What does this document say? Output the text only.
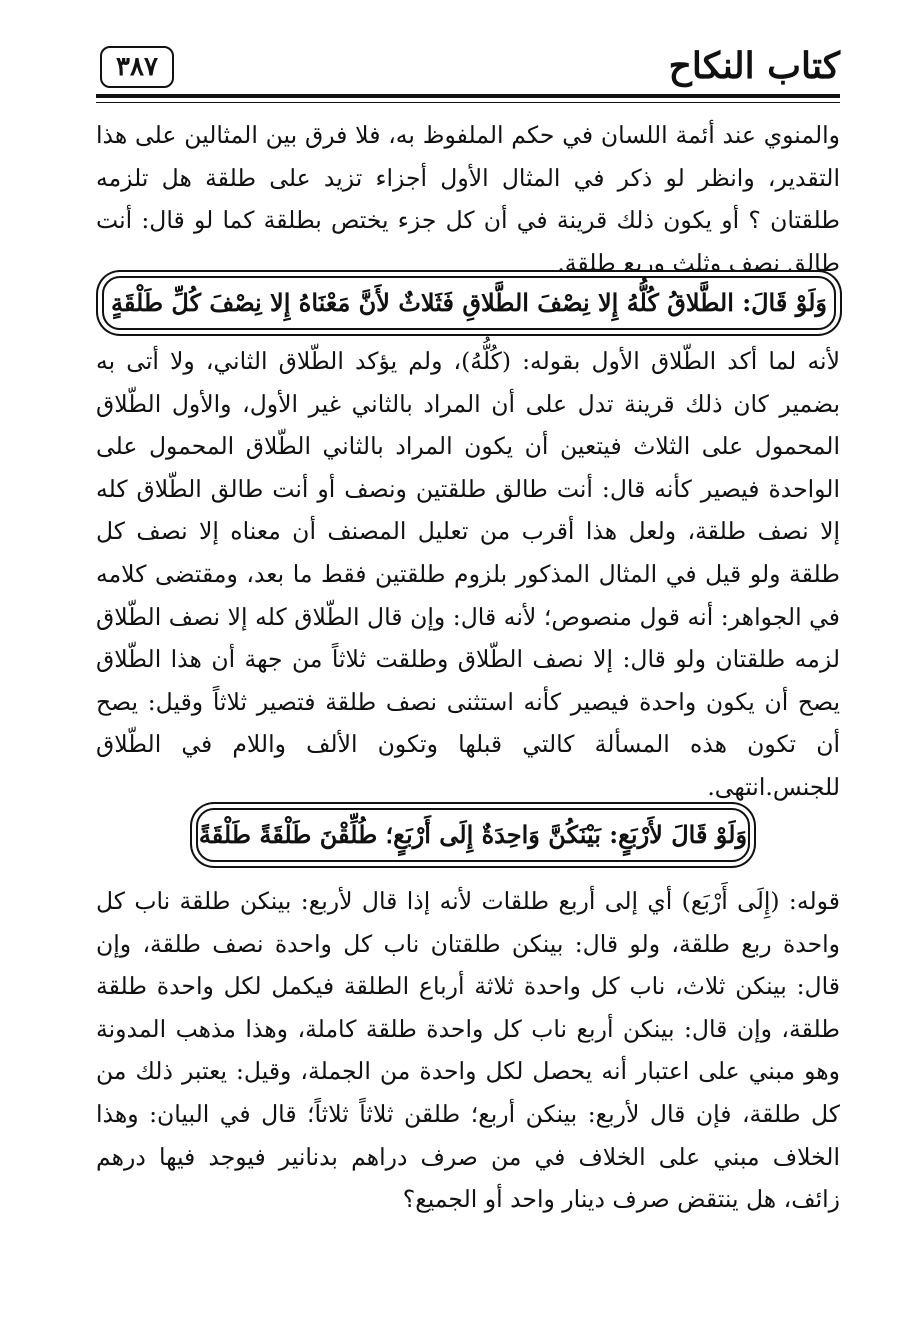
كتاب النكاح
٣٨٧

والمنوي عند أئمة اللسان في حكم الملفوظ به، فلا فرق بين المثالين على هذا التقدير، وانظر لو ذكر في المثال الأول أجزاء تزيد على طلقة هل تلزمه طلقتان ؟ أو يكون ذلك قرينة في أن كل جزء يختص بطلقة كما لو قال: أنت طالق نصف وثلث وربع طلقة.

وَلَوْ قَالَ: الطَّلاقُ كُلُّهُ إِلا نِصْفَ الطَّلاقِ فَثَلاثٌ لأَنَّ مَعْنَاهُ إِلا نِصْفَ كُلِّ طَلْقَةٍ

لأنه لما أكد الطّلاق الأول بقوله: (كُلُّهُ)، ولم يؤكد الطّلاق الثاني، ولا أتى به بضمير كان ذلك قرينة تدل على أن المراد بالثاني غير الأول، والأول الطّلاق المحمول على الثلاث فيتعين أن يكون المراد بالثاني الطّلاق المحمول على الواحدة فيصير كأنه قال: أنت طالق طلقتين ونصف أو أنت طالق الطّلاق كله إلا نصف طلقة، ولعل هذا أقرب من تعليل المصنف أن معناه إلا نصف كل طلقة ولو قيل في المثال المذكور بلزوم طلقتين فقط ما بعد، ومقتضى كلامه في الجواهر: أنه قول منصوص؛ لأنه قال: وإن قال الطّلاق كله إلا نصف الطّلاق لزمه طلقتان ولو قال: إلا نصف الطّلاق وطلقت ثلاثاً من جهة أن هذا الطّلاق يصح أن يكون واحدة فيصير كأنه استثنى نصف طلقة فتصير ثلاثاً وقيل: يصح أن تكون هذه المسألة كالتي قبلها وتكون الألف واللام في الطّلاق للجنس.انتهى.

وَلَوْ قَالَ لأَرْبَعٍ: بَيْنَكُنَّ وَاحِدَةٌ إِلَى أَرْبَعٍ؛ طُلِّقْنَ طَلْقَةً طَلْقَةً

قوله: (إِلَى أَرْبَع) أي إلى أربع طلقات لأنه إذا قال لأربع: بينكن طلقة ناب كل واحدة ربع طلقة، ولو قال: بينكن طلقتان ناب كل واحدة نصف طلقة، وإن قال: بينكن ثلاث، ناب كل واحدة ثلاثة أرباع الطلقة فيكمل لكل واحدة طلقة طلقة، وإن قال: بينكن أربع ناب كل واحدة طلقة كاملة، وهذا مذهب المدونة وهو مبني على اعتبار أنه يحصل لكل واحدة من الجملة، وقيل: يعتبر ذلك من كل طلقة، فإن قال لأربع: بينكن أربع؛ طلقن ثلاثاً ثلاثاً؛ قال في البيان: وهذا الخلاف مبني على الخلاف في من صرف دراهم بدنانير فيوجد فيها درهم زائف، هل ينتقض صرف دينار واحد أو الجميع؟
